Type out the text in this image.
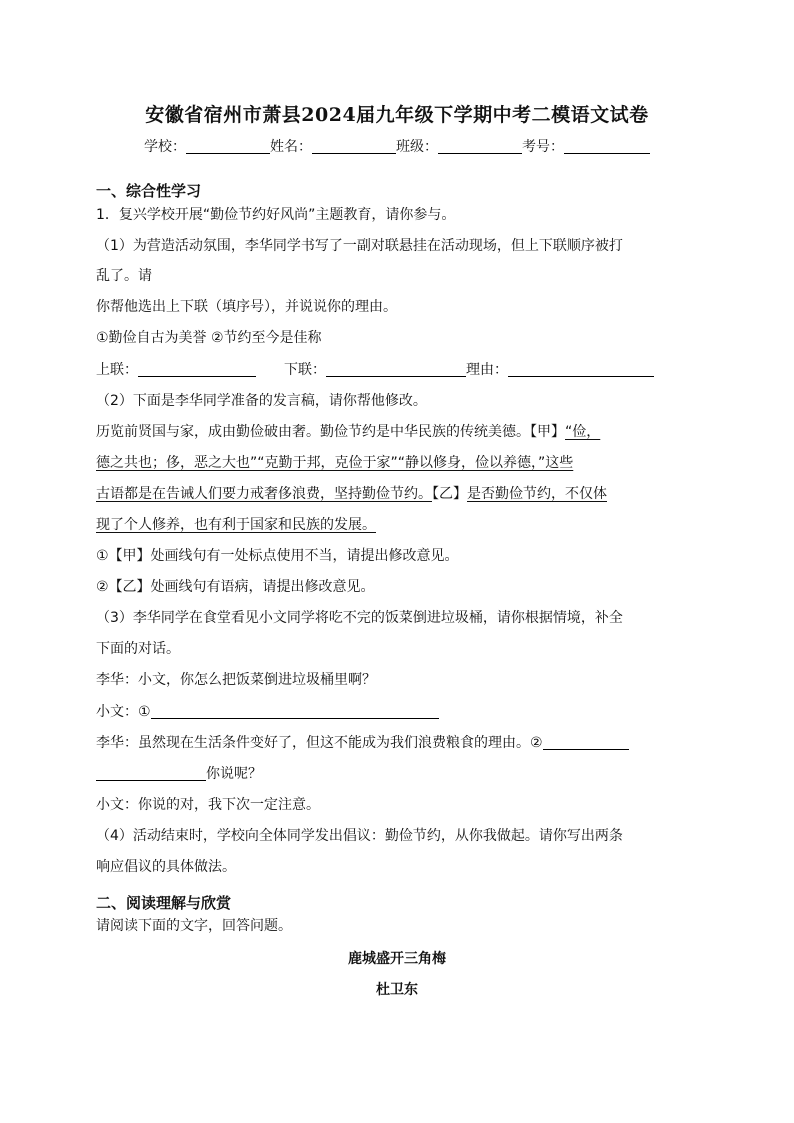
安徽省宿州市萧县2024届九年级下学期中考二模语文试卷
学校：	姓名：	班级：	考号：
一、综合性学习
1．复兴学校开展“勤俭节约好风尚”主题教育，请你参与。
（1）为营造活动氛围，李华同学书写了一副对联悬挂在活动现场，但上下联顺序被打
乱了。请
你帮他选出上下联（填序号），并说说你的理由。
①勤俭自古为美誉 ②节约至今是佳称
上联：	下联：	理由：
（2）下面是李华同学准备的发言稿，请你帮他修改。
历览前贤国与家，成由勤俭破由奢。勤俭节约是中华民族的传统美德。【甲】“俭，
德之共也；侈，恶之大也”“克勤于邦，克俭于家”“静以修身，俭以养德，”这些
古语都是在告诫人们要力戒奢侈浪费，坚持勤俭节约。【乙】是否勤俭节约，不仅体
现了个人修养，也有利于国家和民族的发展。
①【甲】处画线句有一处标点使用不当，请提出修改意见。
②【乙】处画线句有语病，请提出修改意见。
（3）李华同学在食堂看见小文同学将吃不完的饭菜倒进垃圾桶，请你根据情境，补全
下面的对话。
李华：小文，你怎么把饭菜倒进垃圾桶里啊？
小文：①
李华：虽然现在生活条件变好了，但这不能成为我们浪费粮食的理由。②
你说呢？
小文：你说的对，我下次一定注意。
（4）活动结束时，学校向全体同学发出倡议：勤俭节约，从你我做起。请你写出两条
响应倡议的具体做法。
二、阅读理解与欣赏
请阅读下面的文字，回答问题。
鹿城盛开三角梅
杜卫东
